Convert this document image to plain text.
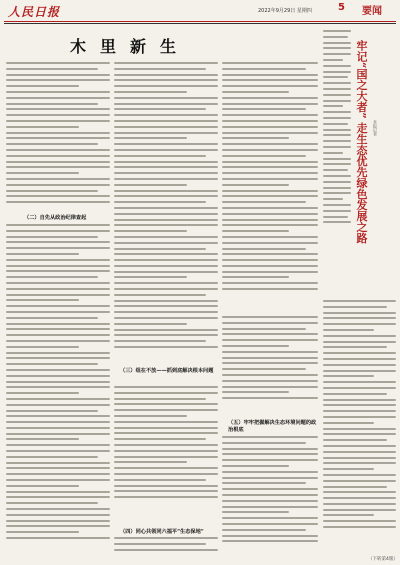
人民日报	2022年9月29日 星期四	5 要闻
木里新生
（二）自先从政治纪律查起
（三）组在不放——抓到底解决根本问题
（四）同心共领同六福平“生态保地”
（五）牢牢把握解决生态环境问题的政治根底
牢记“国之大者” 走生态优先绿色发展之路 本报记者
（下转第4版）
